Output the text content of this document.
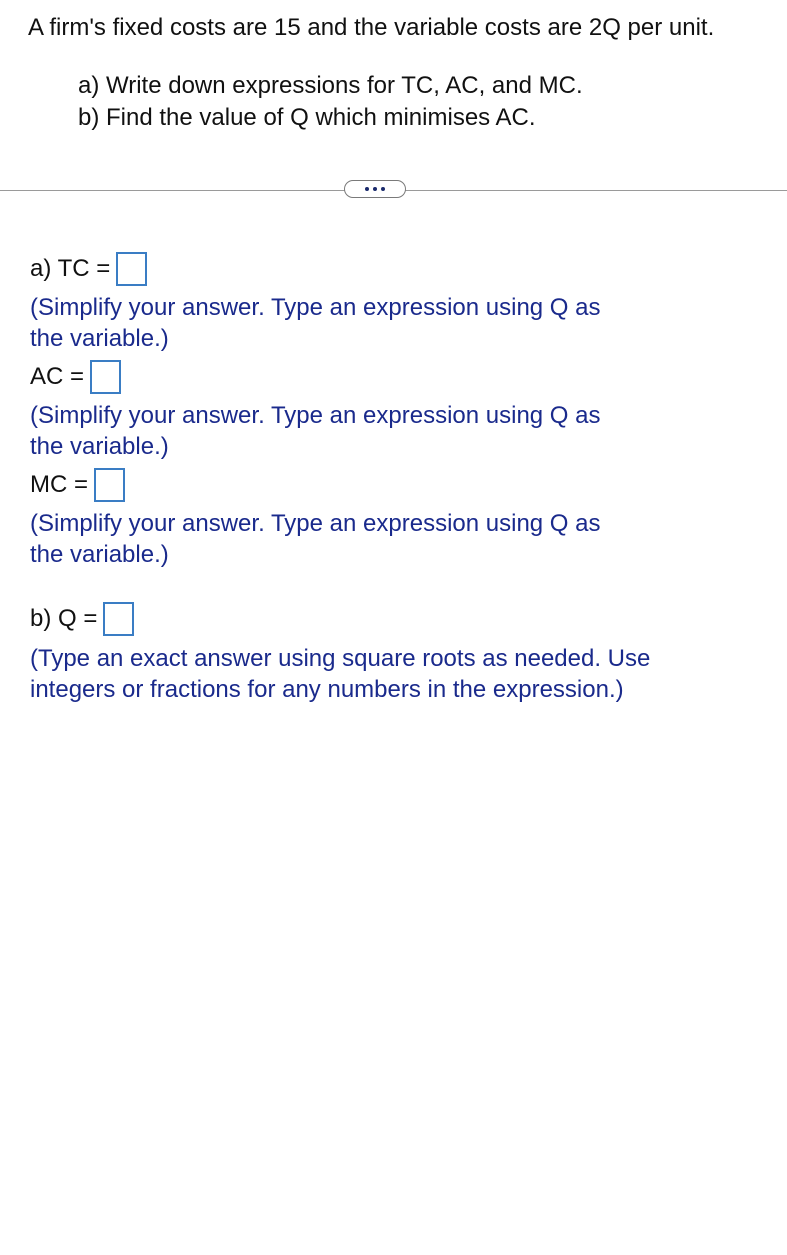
A firm's fixed costs are 15 and the variable costs are 2Q per unit.

a) Write down expressions for TC, AC, and MC.
b) Find the value of Q which minimises AC.
a) TC =
(Simplify your answer. Type an expression using Q as
the variable.)
AC =
(Simplify your answer. Type an expression using Q as
the variable.)
MC =
(Simplify your answer. Type an expression using Q as
the variable.)
b) Q =
(Type an exact answer using square roots as needed. Use
integers or fractions for any numbers in the expression.)
